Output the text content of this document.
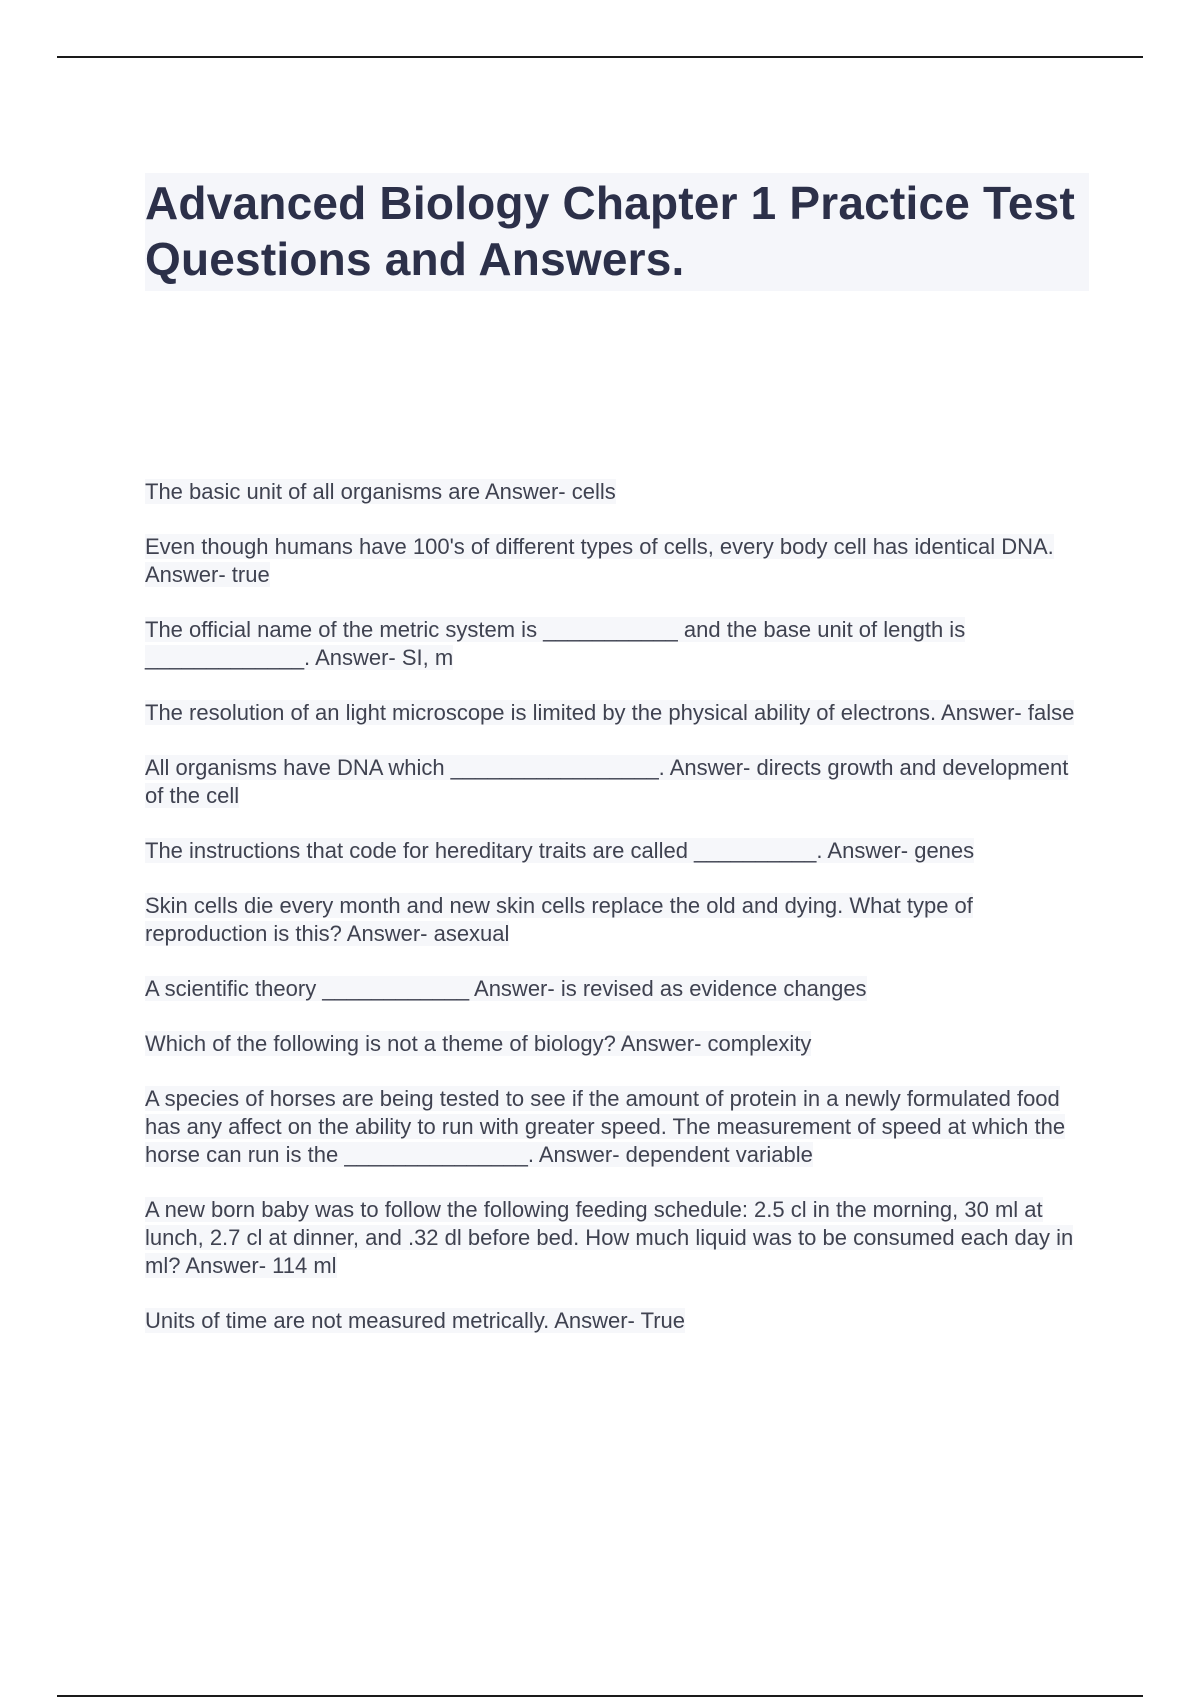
Advanced Biology Chapter 1 Practice Test Questions and Answers.

The basic unit of all organisms are Answer- cells

Even though humans have 100's of different types of cells, every body cell has identical DNA. Answer- true

The official name of the metric system is ___________ and the base unit of length is _____________. Answer- SI, m

The resolution of an light microscope is limited by the physical ability of electrons. Answer- false

All organisms have DNA which _________________. Answer- directs growth and development of the cell

The instructions that code for hereditary traits are called __________. Answer- genes

Skin cells die every month and new skin cells replace the old and dying. What type of reproduction is this? Answer- asexual

A scientific theory ____________ Answer- is revised as evidence changes

Which of the following is not a theme of biology? Answer- complexity

A species of horses are being tested to see if the amount of protein in a newly formulated food has any affect on the ability to run with greater speed. The measurement of speed at which the horse can run is the _______________. Answer- dependent variable

A new born baby was to follow the following feeding schedule: 2.5 cl in the morning, 30 ml at lunch, 2.7 cl at dinner, and .32 dl before bed. How much liquid was to be consumed each day in ml? Answer- 114 ml

Units of time are not measured metrically. Answer- True
